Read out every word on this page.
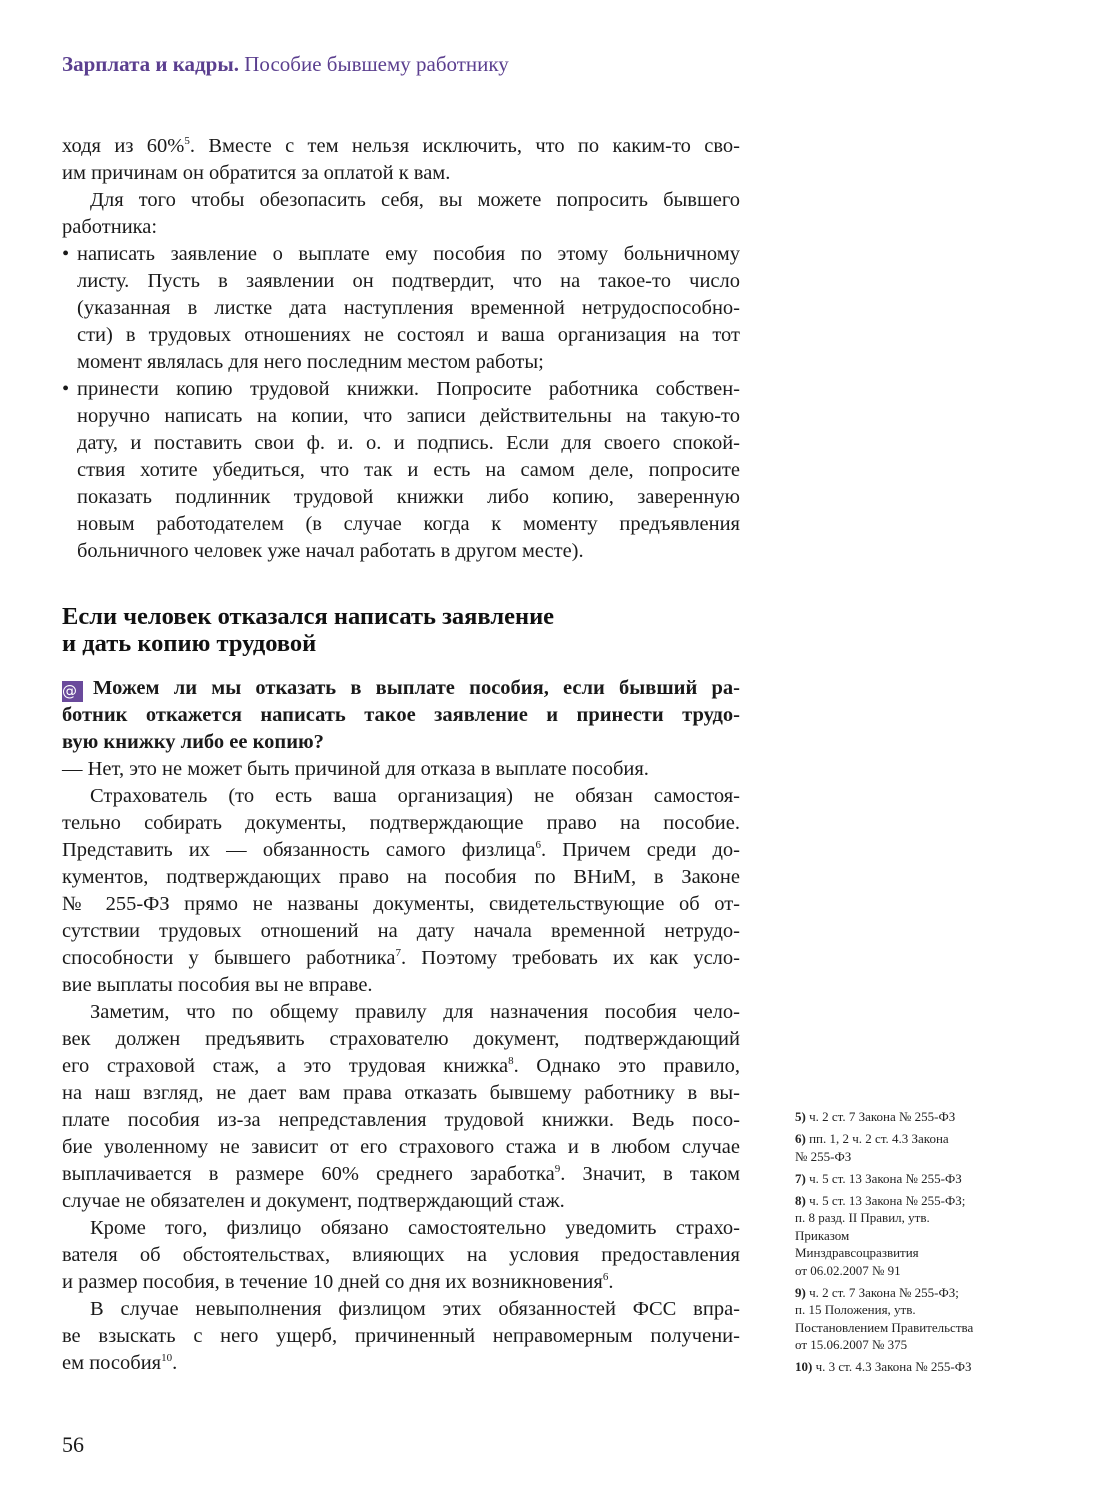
Зарплата и кадры. Пособие бывшему работнику
ходя из 60%$^5$. Вместе с тем нельзя исключить, что по каким-то сво-
им причинам он обратится за оплатой к вам.
Для того чтобы обезопасить себя, вы можете попросить бывшего
работника:
• написать заявление о выплате ему пособия по этому больничному
листу. Пусть в заявлении он подтвердит, что на такое-то число
(указанная в листке дата наступления временной нетрудоспособно-
сти) в трудовых отношениях не состоял и ваша организация на тот
момент являлась для него последним местом работы;
• принести копию трудовой книжки. Попросите работника собствен-
норучно написать на копии, что записи действительны на такую-то
дату, и поставить свои ф. и. о. и подпись. Если для своего спокой-
ствия хотите убедиться, что так и есть на самом деле, попросите
показать подлинник трудовой книжки либо копию, заверенную
новым работодателем (в случае когда к моменту предъявления
больничного человек уже начал работать в другом месте).
Если человек отказался написать заявление
и дать копию трудовой
@ Можем ли мы отказать в выплате пособия, если бывший ра-
ботник откажется написать такое заявление и принести трудо-
вую книжку либо ее копию?
— Нет, это не может быть причиной для отказа в выплате пособия.
Страхователь (то есть ваша организация) не обязан самостоя-
тельно собирать документы, подтверждающие право на пособие.
Представить их — обязанность самого физлица$^6$. Причем среди до-
кументов, подтверждающих право на пособия по ВНиМ, в Законе
№ 255-ФЗ прямо не названы документы, свидетельствующие об от-
сутствии трудовых отношений на дату начала временной нетрудо-
способности у бывшего работника$^7$. Поэтому требовать их как усло-
вие выплаты пособия вы не вправе.
Заметим, что по общему правилу для назначения пособия чело-
век должен предъявить страхователю документ, подтверждающий
его страховой стаж, а это трудовая книжка$^8$. Однако это правило,
на наш взгляд, не дает вам права отказать бывшему работнику в вы-
плате пособия из-за непредставления трудовой книжки. Ведь посо-
бие уволенному не зависит от его страхового стажа и в любом случае
выплачивается в размере 60% среднего заработка$^9$. Значит, в таком
случае не обязателен и документ, подтверждающий стаж.
Кроме того, физлицо обязано самостоятельно уведомить страхо-
вателя об обстоятельствах, влияющих на условия предоставления
и размер пособия, в течение 10 дней со дня их возникновения$^6$.
В случае невыполнения физлицом этих обязанностей ФСС впра-
ве взыскать с него ущерб, причиненный неправомерным получени-
ем пособия$^{10}$.
5) ч. 2 ст. 7 Закона № 255-ФЗ
6) пп. 1, 2 ч. 2 ст. 4.3 Закона
№ 255-ФЗ
7) ч. 5 ст. 13 Закона № 255-ФЗ
8) ч. 5 ст. 13 Закона № 255-ФЗ;
п. 8 разд. II Правил, утв.
Приказом
Минздравсоцразвития
от 06.02.2007 № 91
9) ч. 2 ст. 7 Закона № 255-ФЗ;
п. 15 Положения, утв.
Постановлением Правительства
от 15.06.2007 № 375
10) ч. 3 ст. 4.3 Закона № 255-ФЗ
56
